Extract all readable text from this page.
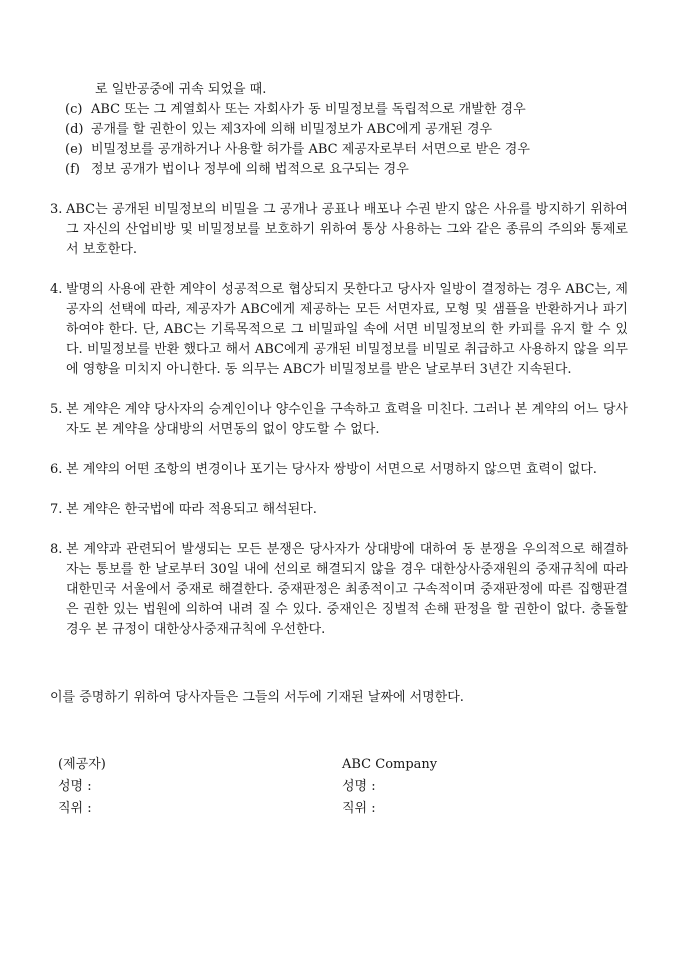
로 일반공중에 귀속 되었을 때.
(c) ABC 또는 그 계열회사 또는 자회사가 동 비밀정보를 독립적으로 개발한 경우
(d) 공개를 할 권한이 있는 제3자에 의해 비밀정보가 ABC에게 공개된 경우
(e) 비밀정보를 공개하거나 사용할 허가를 ABC 제공자로부터 서면으로 받은 경우
(f) 정보 공개가 법이나 정부에 의해 법적으로 요구되는 경우
3. ABC는 공개된 비밀정보의 비밀을 그 공개나 공표나 배포나 수권 받지 않은 사유를 방지하기 위하여 그 자신의 산업비방 및 비밀정보를 보호하기 위하여 통상 사용하는 그와 같은 종류의 주의와 통제로서 보호한다.
4. 발명의 사용에 관한 계약이 성공적으로 협상되지 못한다고 당사자 일방이 결정하는 경우 ABC는, 제공자의 선택에 따라, 제공자가 ABC에게 제공하는 모든 서면자료, 모형 및 샘플을 반환하거나 파기하여야 한다. 단, ABC는 기록목적으로 그 비밀파일 속에 서면 비밀정보의 한 카피를 유지 할 수 있다. 비밀정보를 반환 했다고 해서 ABC에게 공개된 비밀정보를 비밀로 취급하고 사용하지 않을 의무에 영향을 미치지 아니한다. 동 의무는 ABC가 비밀정보를 받은 날로부터 3년간 지속된다.
5. 본 계약은 계약 당사자의 승계인이나 양수인을 구속하고 효력을 미친다. 그러나 본 계약의 어느 당사자도 본 계약을 상대방의 서면동의 없이 양도할 수 없다.
6. 본 계약의 어떤 조항의 변경이나 포기는 당사자 쌍방이 서면으로 서명하지 않으면 효력이 없다.
7. 본 계약은 한국법에 따라 적용되고 해석된다.
8. 본 계약과 관련되어 발생되는 모든 분쟁은 당사자가 상대방에 대하여 동 분쟁을 우의적으로 해결하자는 통보를 한 날로부터 30일 내에 선의로 해결되지 않을 경우 대한상사중재원의 중재규칙에 따라 대한민국 서울에서 중재로 해결한다. 중재판정은 최종적이고 구속적이며 중재판정에 따른 집행판결은 권한 있는 법원에 의하여 내려 질 수 있다. 중재인은 징벌적 손해 판정을 할 권한이 없다. 충돌할 경우 본 규정이 대한상사중재규칙에 우선한다.
이를 증명하기 위하여 당사자들은 그들의 서두에 기재된 날짜에 서명한다.
(제공자)
성명 :
직위 :
ABC Company
성명 :
직위 :
